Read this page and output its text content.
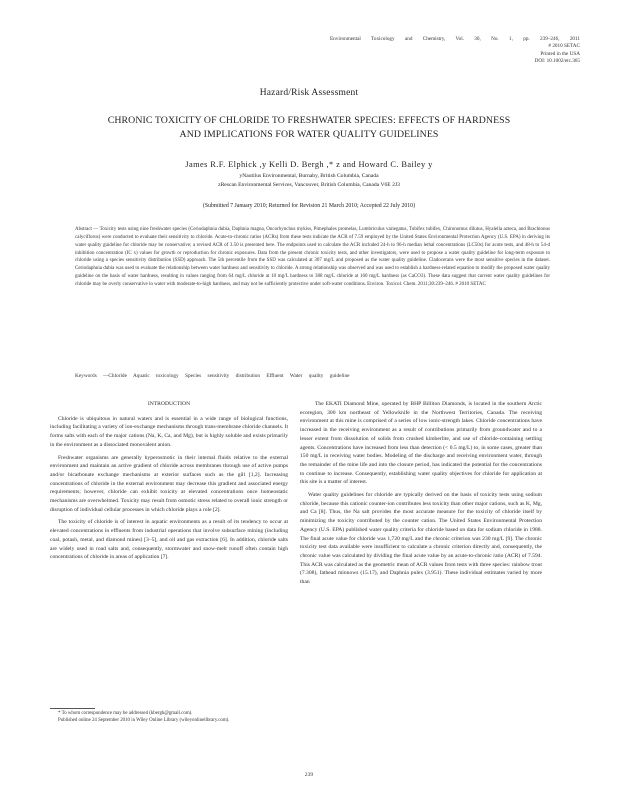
Environmental Toxicology and Chemistry, Vol. 30, No. 1, pp. 239–246, 2011
# 2010 SETAC
Printed in the USA
DOI: 10.1002/etc.365
Hazard/Risk Assessment
CHRONIC TOXICITY OF CHLORIDE TO FRESHWATER SPECIES: EFFECTS OF HARDNESS
AND IMPLICATIONS FOR WATER QUALITY GUIDELINES
James R.F. Elphick ,y Kelli D. Bergh ,* z and Howard C. Bailey y
yNautilus Environmental, Burnaby, British Columbia, Canada
zRescan Environmental Services, Vancouver, British Columbia, Canada V6E 2J3
(Submitted 7 January 2010; Returned for Revision 21 March 2010; Accepted 22 July 2010)
Abstract — Toxicity tests using nine freshwater species (Ceriodaphnia dubia, Daphnia magna, Oncorhynchus mykiss, Pimephales promelas, Lumbriculus variegatus, Tubifex tubifex, Chironomus dilutus, Hyalella azteca, and Brachionus calyciflorus) were conducted to evaluate their sensitivity to chloride. Acute-to-chronic ratios (ACRs) from these tests indicate the ACR of 7.59 employed by the United States Environmental Protection Agency (U.S. EPA) in deriving its water quality guideline for chloride may be conservative; a revised ACR of 3.50 is presented here. The endpoints used to calculate the ACR included 24-h to 96-h median lethal concentrations (LC50s) for acute tests, and 48-h to 54-d inhibition concentration (IC x) values for growth or reproduction for chronic exposures. Data from the present chronic toxicity tests, and other investigators, were used to propose a water quality guideline for long-term exposure to chloride using a species sensitivity distribution (SSD) approach. The 5th percentile from the SSD was calculated at 307 mg/L and proposed as the water quality guideline. Cladocerans were the most sensitive species in the dataset. Ceriodaphnia dubia was used to evaluate the relationship between water hardness and sensitivity to chloride. A strong relationship was observed and was used to establish a hardness-related equation to modify the proposed water quality guideline on the basis of water hardness, resulting in values ranging from 64 mg/L chloride at 10 mg/L hardness to 388 mg/L chloride at 160 mg/L hardness (as CaCO3). These data suggest that current water quality guidelines for chloride may be overly conservative in water with moderate-to-high hardness, and may not be sufficiently protective under soft-water conditions. Environ. Toxicol. Chem. 2011;30:239–246. # 2010 SETAC
Keywords —Chloride Aquatic toxicology Species sensitivity distribution Effluent Water quality guideline
INTRODUCTION

Chloride is ubiquitous in natural waters and is essential in a wide range of biological functions, including facilitating a variety of ion-exchange mechanisms through trans-membrane chloride channels. It forms salts with each of the major cations (Na, K, Ca, and Mg), but is highly soluble and exists primarily in the environment as a dissociated monovalent anion.

Freshwater organisms are generally hyperosmotic in their internal fluids relative to the external environment and maintain an active gradient of chloride across membranes through use of active pumps and/or bicarbonate exchange mechanisms at exterior surfaces such as the gill [1,2]. Increasing concentrations of chloride in the external environment may decrease this gradient and associated energy requirements; however, chloride can exhibit toxicity at elevated concentrations once homeostatic mechanisms are overwhelmed. Toxicity may result from osmotic stress related to overall ionic strength or disruption of individual cellular processes in which chloride plays a role [2].

The toxicity of chloride is of interest in aquatic environments as a result of its tendency to occur at elevated concentrations in effluents from industrial operations that involve subsurface mining (including coal, potash, metal, and diamond mines) [3–5], and oil and gas extraction [6]. In addition, chloride salts are widely used in road salts and, consequently, stormwater and snow-melt runoff often contain high concentrations of chloride in areas of application [7].

The EKATI Diamond Mine, operated by BHP Billiton Diamonds, is located in the southern Arctic ecoregion, 300 km northeast of Yellowknife in the Northwest Territories, Canada. The receiving environment at this mine is comprised of a series of low ionic-strength lakes. Chloride concentrations have increased in the receiving environment as a result of contributions primarily from groundwater and to a lesser extent from dissolution of solids from crushed kimberlite, and use of chloride-containing settling agents. Concentrations have increased from less than detection (< 0.5 mg/L) to, in some cases, greater than 150 mg/L in receiving water bodies. Modeling of the discharge and receiving environment water, through the remainder of the mine life and into the closure period, has indicated the potential for the concentrations to continue to increase. Consequently, establishing water quality objectives for chloride for application at this site is a matter of interest.

Water quality guidelines for chloride are typically derived on the basis of toxicity tests using sodium chloride, because this cationic counter-ion contributes less toxicity than other major cations, such as K, Mg, and Ca [8]. Thus, the Na salt provides the most accurate measure for the toxicity of chloride itself by minimizing the toxicity contributed by the counter cation. The United States Environmental Protection Agency (U.S. EPA) published water quality criteria for chloride based on data for sodium chloride in 1988. The final acute value for chloride was 1,720 mg/L and the chronic criterion was 230 mg/L [9]. The chronic toxicity test data available were insufficient to calculate a chronic criterion directly and, consequently, the chronic value was calculated by dividing the final acute value by an acute-to-chronic ratio (ACR) of 7.594. This ACR was calculated as the geometric mean of ACR values from tests with three species: rainbow trout (7.308), fathead minnows (15.17), and Daphnia pulex (3.951). These individual estimates varied by more than

* To whom correspondence may be addressed (kbergh@gmail.com).

Published online 24 September 2010 in Wiley Online Library (wileyonlinelibrary.com).

239
